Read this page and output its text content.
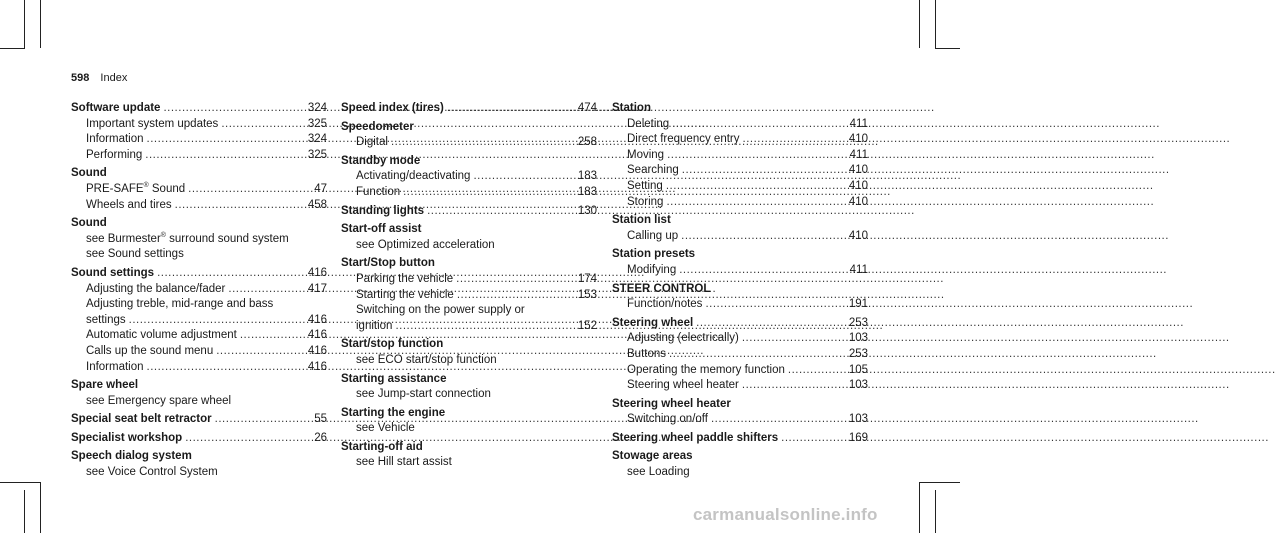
598 Index
Software update .....	324
Important system updates .....	325
Information .....	324
Performing .....	325
Sound
PRE-SAFE® Sound .....	47
Wheels and tires .....	458
Sound
see Burmester® surround sound system
see Sound settings
Sound settings .....	416
Adjusting the balance/fader .....	417
Adjusting treble, mid-range and bass
settings .....	416
Automatic volume adjustment .....	416
Calls up the sound menu .....	416
Information .....	416
Spare wheel
see Emergency spare wheel
Special seat belt retractor .....	55
Specialist workshop .....	26
Speech dialog system
see Voice Control System
Speed index (tires) .....	474
Speedometer
Digital .....	258
Standby mode
Activating/deactivating .....	183
Function .....	183
Standing lights .....	130
Start-off assist
see Optimized acceleration
Start/Stop button
Parking the vehicle .....	174
Starting the vehicle .....	153
Switching on the power supply or
ignition .....	152
Start/stop function
see ECO start/stop function
Starting assistance
see Jump-start connection
Starting the engine
see Vehicle
Starting-off aid
see Hill start assist
Station
Deleting .....	411
Direct frequency entry .....	410
Moving .....	411
Searching .....	410
Setting .....	410
Storing .....	410
Station list
Calling up .....	410
Station presets
Modifying .....	411
STEER CONTROL
Function/notes .....	191
Steering wheel .....	253
Adjusting (electrically) .....	103
Buttons .....	253
Operating the memory function .....	105
Steering wheel heater .....	103
Steering wheel heater
Switching on/off .....	103
Steering wheel paddle shifters .....	169
Stowage areas
see Loading
carmanualsonline.info
